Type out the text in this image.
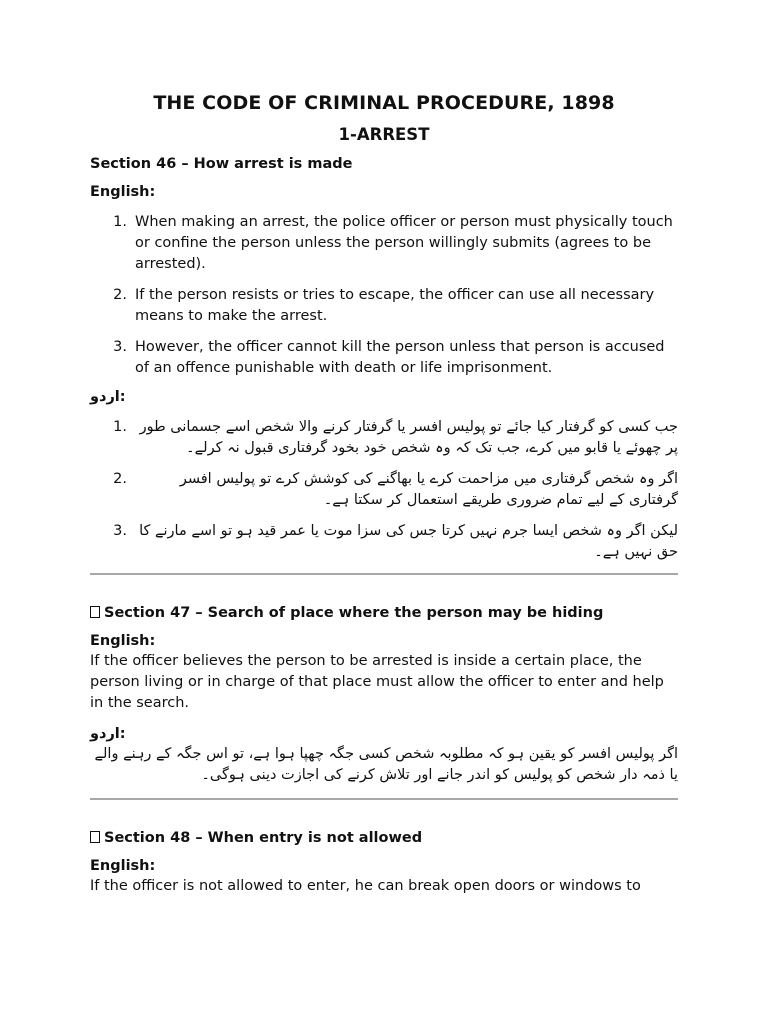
THE CODE OF CRIMINAL PROCEDURE, 1898
1-ARREST
Section 46 – How arrest is made
English:
1. When making an arrest, the police officer or person must physically touch or confine the person unless the person willingly submits (agrees to be arrested).
2. If the person resists or tries to escape, the officer can use all necessary means to make the arrest.
3. However, the officer cannot kill the person unless that person is accused of an offence punishable with death or life imprisonment.
اردو:
1. جب کسی کو گرفتار کیا جائے تو پولیس افسر یا گرفتار کرنے والا شخص اسے جسمانی طور پر چھوئے یا قابو میں کرے، جب تک کہ وہ شخص خود بخود گرفتاری قبول نہ کرلے۔
2.	اگر وہ شخص گرفتاری میں مزاحمت کرے یا بھاگنے کی کوشش کرے تو پولیس افسر گرفتاری کے لیے تمام ضروری طریقے استعمال کر سکتا ہے۔
3. لیکن اگر وہ شخص ایسا جرم نہیں کرتا جس کی سزا موت یا عمر قید ہو تو اسے مارنے کا حق نہیں ہے۔
Section 47 – Search of place where the person may be hiding
English:

If the officer believes the person to be arrested is inside a certain place, the person living or in charge of that place must allow the officer to enter and help in the search.

اردو:

اگر پولیس افسر کو یقین ہو کہ مطلوبہ شخص کسی جگہ چھپا ہوا ہے، تو اس جگہ کے رہنے والے یا ذمہ دار شخص کو پولیس کو اندر جانے اور تلاش کرنے کی اجازت دینی ہوگی۔

Section 48 – When entry is not allowed
English:

If the officer is not allowed to enter, he can break open doors or windows to
